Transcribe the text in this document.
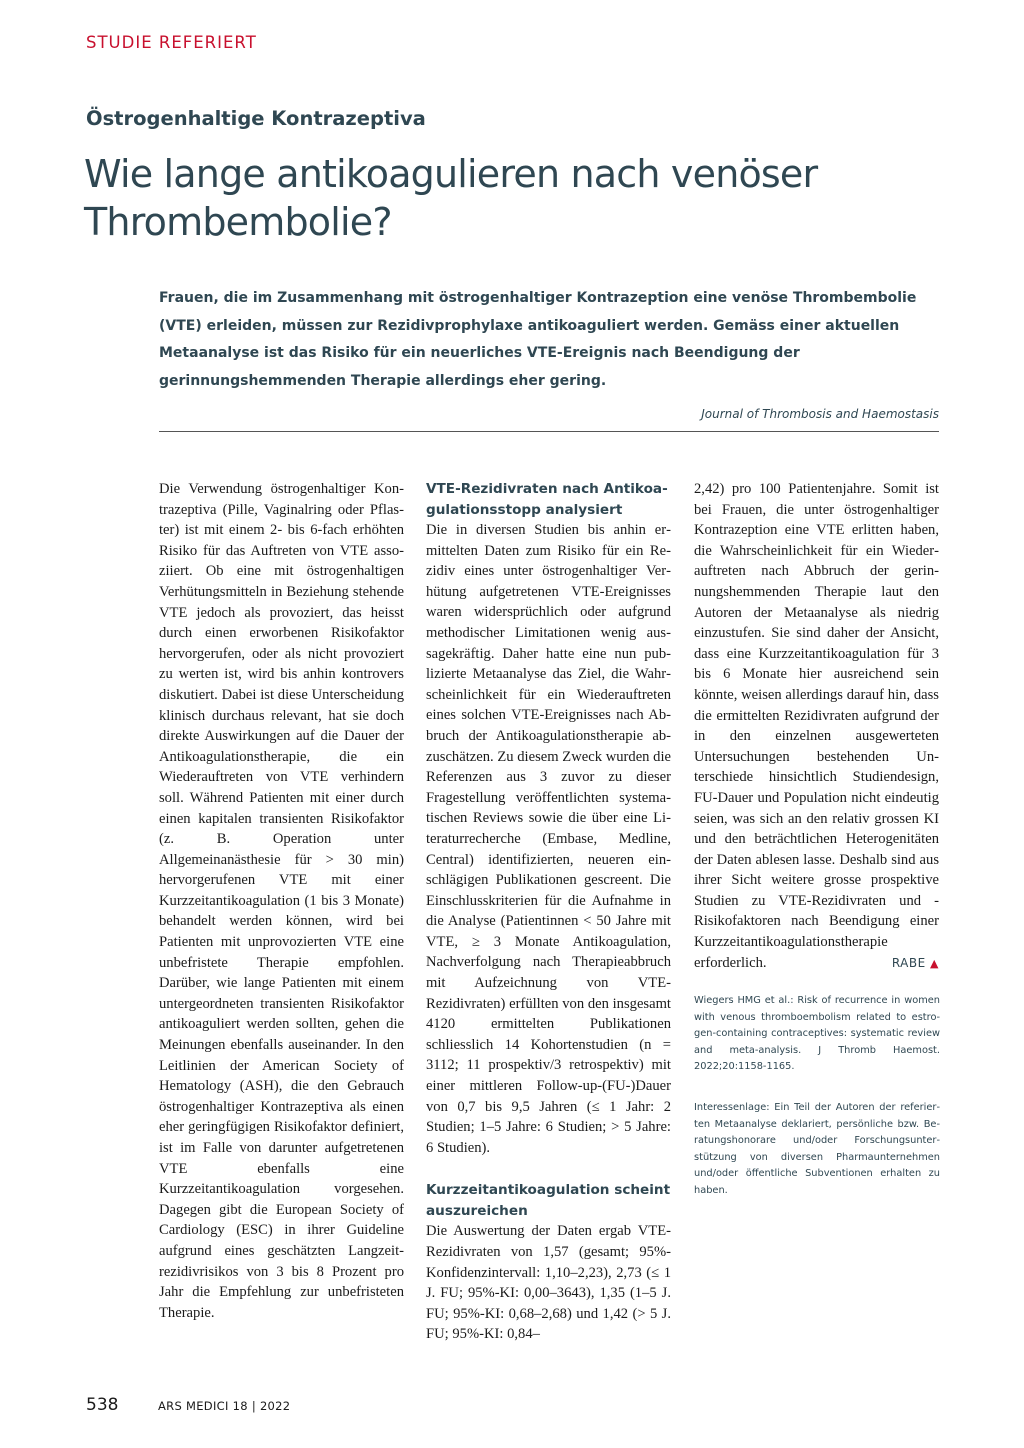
STUDIE REFERIERT
Östrogenhaltige Kontrazeptiva
Wie lange antikoagulieren nach venöser Thrombembolie?

Frauen, die im Zusammenhang mit östrogenhaltiger Kontrazeption eine venöse Thrombembolie (VTE) erleiden, müssen zur Rezidivprophylaxe antikoaguliert werden. Gemäss einer aktuellen Metaanalyse ist das Risiko für ein neuerliches VTE-Ereignis nach Beendigung der gerinnungshemmenden Therapie allerdings eher gering.

Journal of Thrombosis and Haemostasis

Die Verwendung östrogenhaltiger Kontrazeptiva (Pille, Vaginalring oder Pflaster) ist mit einem 2- bis 6-fach erhöhten Risiko für das Auftreten von VTE assoziiert. Ob eine mit östrogenhaltigen Verhütungsmitteln in Beziehung stehende VTE jedoch als provoziert, das heisst durch einen erworbenen Risikofaktor hervorgerufen, oder als nicht provoziert zu werten ist, wird bis anhin kontrovers diskutiert. Dabei ist diese Unterscheidung klinisch durchaus relevant, hat sie doch direkte Auswirkungen auf die Dauer der Antikoagulationstherapie, die ein Wiederauftreten von VTE verhindern soll. Während Patienten mit einer durch einen kapitalen transienten Risikofaktor (z. B. Operation unter Allgemeinanästhesie für > 30 min) hervorgerufenen VTE mit einer Kurzzeitantikoagulation (1 bis 3 Monate) behandelt werden können, wird bei Patienten mit unprovozierten VTE eine unbefristete Therapie empfohlen. Darüber, wie lange Patienten mit einem untergeordneten transienten Risikofaktor antikoaguliert werden sollten, gehen die Meinungen ebenfalls auseinander. In den Leitlinien der American Society of Hematology (ASH), die den Gebrauch östrogenhaltiger Kontrazeptiva als einen eher geringfügigen Risikofaktor definiert, ist im Falle von darunter aufgetretenen VTE ebenfalls eine Kurzzeitantikoagulation vorgesehen. Dagegen gibt die European Society of Cardiology (ESC) in ihrer Guideline aufgrund eines geschätzten Langzeitrezidivrisikos von 3 bis 8 Prozent pro Jahr die Empfehlung zur unbefristeten Therapie.

VTE-Rezidivraten nach Antikoagulationsstopp analysiert

Die in diversen Studien bis anhin ermittelten Daten zum Risiko für ein Rezidiv eines unter östrogenhaltiger Verhütung aufgetretenen VTE-Ereignisses waren widersprüchlich oder aufgrund methodischer Limitationen wenig aussagekräftig. Daher hatte eine nun publizierte Metaanalyse das Ziel, die Wahrscheinlichkeit für ein Wiederauftreten eines solchen VTE-Ereignisses nach Abbruch der Antikoagulationstherapie abzuschätzen. Zu diesem Zweck wurden die Referenzen aus 3 zuvor zu dieser Fragestellung veröffentlichten systematischen Reviews sowie die über eine Literaturrecherche (Embase, Medline, Central) identifizierten, neueren einschlägigen Publikationen gescreent. Die Einschlusskriterien für die Aufnahme in die Analyse (Patientinnen < 50 Jahre mit VTE, ≥ 3 Monate Antikoagulation, Nachverfolgung nach Therapieabbruch mit Aufzeichnung von VTE-Rezidivraten) erfüllten von den insgesamt 4120 ermittelten Publikationen schliesslich 14 Kohortenstudien (n = 3112; 11 prospektiv/3 retrospektiv) mit einer mittleren Follow-up-(FU-)Dauer von 0,7 bis 9,5 Jahren (≤ 1 Jahr: 2 Studien; 1–5 Jahre: 6 Studien; > 5 Jahre: 6 Studien).

Kurzzeitantikoagulation scheint auszureichen

Die Auswertung der Daten ergab VTE-Rezidivraten von 1,57 (gesamt; 95%-Konfidenzintervall: 1,10–2,23), 2,73 (≤ 1 J. FU; 95%-KI: 0,00–3643), 1,35 (1–5 J. FU; 95%-KI: 0,68–2,68) und 1,42 (> 5 J. FU; 95%-KI: 0,84–

2,42) pro 100 Patientenjahre. Somit ist bei Frauen, die unter östrogenhaltiger Kontrazeption eine VTE erlitten haben, die Wahrscheinlichkeit für ein Wiederauftreten nach Abbruch der gerinnungshemmenden Therapie laut den Autoren der Metaanalyse als niedrig einzustufen. Sie sind daher der Ansicht, dass eine Kurzzeitantikoagulation für 3 bis 6 Monate hier ausreichend sein könnte, weisen allerdings darauf hin, dass die ermittelten Rezidivraten aufgrund der in den einzelnen ausgewerteten Untersuchungen bestehenden Unterschiede hinsichtlich Studiendesign, FU-Dauer und Population nicht eindeutig seien, was sich an den relativ grossen KI und den beträchtlichen Heterogenitäten der Daten ablesen lasse. Deshalb sind aus ihrer Sicht weitere grosse prospektive Studien zu VTE-Rezidivraten und -Risikofaktoren nach Beendigung einer Kurzzeitantikoagulationstherapie erforderlich.	RABE ▲

Wiegers HMG et al.: Risk of recurrence in women with venous thromboembolism related to estrogen-containing contraceptives: systematic review and meta-analysis. J Thromb Haemost. 2022;20:1158-1165.

Interessenlage: Ein Teil der Autoren der referierten Metaanalyse deklariert, persönliche bzw. Beratungshonorare und/oder Forschungsunterstützung von diversen Pharmaunternehmen und/oder öffentliche Subventionen erhalten zu haben.

538	ARS MEDICI 18 | 2022
